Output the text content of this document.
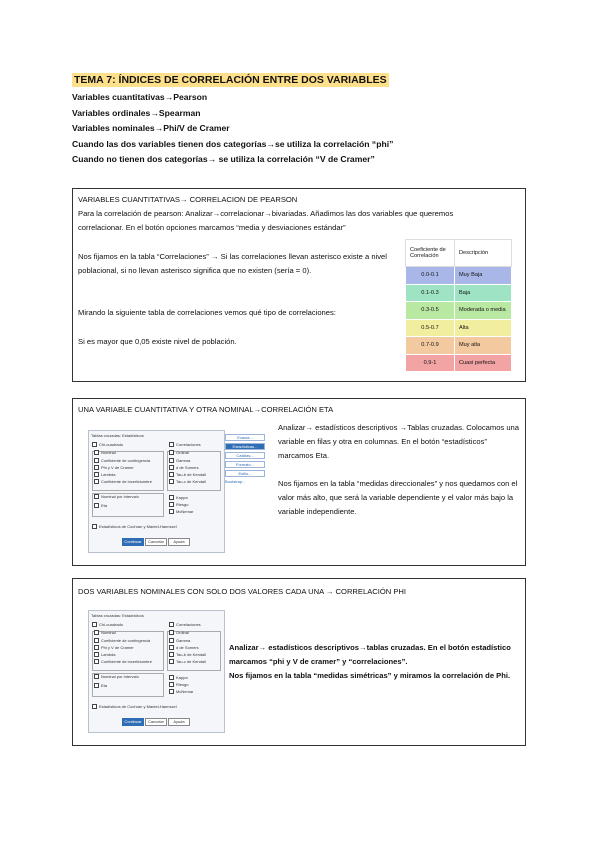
TEMA 7: ÍNDICES DE CORRELACIÓN ENTRE DOS VARIABLES
Variables cuantitativas→Pearson
Variables ordinales→Spearman
Variables nominales→Phi/V de Cramer
Cuando las dos variables tienen dos categorías→se utiliza la correlación “phi”
Cuando no tienen dos categorías→ se utiliza la correlación “V de Cramer”
VARIABLES CUANTITATIVAS→ CORRELACION DE PEARSON
Para la correlación de pearson: Analizar→correlacionar→bivariadas. Añadimos las dos variables que queremos correlacionar. En el botón opciones marcamos “media y desviaciones estándar”
Nos fijamos en la tabla “Correlaciones” → Si las correlaciones llevan asterisco existe a nivel poblacional, si no llevan asterisco significa que no existen (sería = 0).
Mirando la siguiente tabla de correlaciones vemos qué tipo de correlaciones:
Si es mayor que 0,05 existe nivel de población.
Coeficiente de Correlación	Descripción
0.0-0.1	Muy Baja
0.1-0.3	Baja
0.3-0.5	Moderada o media
0.5-0.7	Alta
0.7-0.9	Muy alta
0.9-1	Cuasi perfecta
UNA VARIABLE CUANTITATIVA Y OTRA NOMINAL→CORRELACIÓN ETA
Tablas cruzadas: Estadísticos
Chi-cuadrado	Correlaciones
Nominal
Coeficiente de contingencia
Phi y V de Cramer
Lambda
Coeficiente de incertidumbre
Ordinal
Gamma
d de Somers
Tau-b de Kendall
Tau-c de Kendall
Nominal por intervalo
Eta
Kappa
Riesgo
McNemar
Estadísticos de Cochran y Mantel-Haenszel
Continuar	Cancelar	Ayuda
Exacta...
Estadísticas...
Casillas...
Formato...
Estilo...
Bootstrap...
Analizar→ estadísticos descriptivos →Tablas cruzadas. Colocamos una variable en filas y otra en columnas. En el botón “estadísticos” marcamos Eta.
Nos fijamos en la tabla “medidas direccionales” y nos quedamos con el valor más alto, que será la variable dependiente y el valor más bajo la variable independiente.
DOS VARIABLES NOMINALES CON SOLO DOS VALORES CADA UNA → CORRELACIÓN PHI
Tablas cruzadas: Estadísticos
Chi-cuadrado	Correlaciones
Nominal
Coeficiente de contingencia
Phi y V de Cramer
Lambda
Coeficiente de incertidumbre
Ordinal
Gamma
d de Somers
Tau-b de Kendall
Tau-c de Kendall
Nominal por intervalo
Eta
Kappa
Riesgo
McNemar
Estadísticos de Cochran y Mantel-Haenszel
Continuar	Cancelar	Ayuda
Analizar→ estadísticos descriptivos→tablas cruzadas. En el botón estadístico marcamos “phi y V de cramer” y “correlaciones”.
Nos fijamos en la tabla “medidas simétricas” y miramos la correlación de Phi.
